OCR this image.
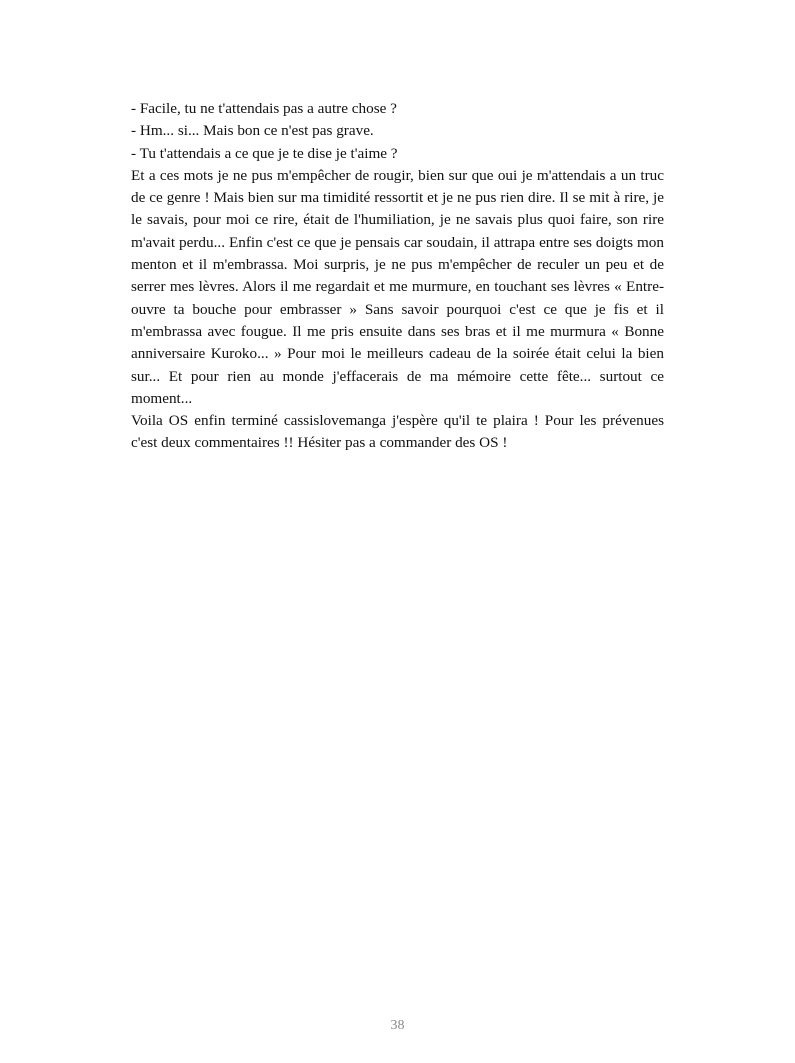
- Facile, tu ne t'attendais pas a autre chose ?
- Hm... si... Mais bon ce n'est pas grave.
- Tu t'attendais a ce que je te dise je t'aime ?

Et a ces mots je ne pus m'empêcher de rougir, bien sur que oui je m'attendais a un truc de ce genre ! Mais bien sur ma timidité ressortit et je ne pus rien dire. Il se mit à rire, je le savais, pour moi ce rire, était de l'humiliation, je ne savais plus quoi faire, son rire m'avait perdu... Enfin c'est ce que je pensais car soudain, il attrapa entre ses doigts mon menton et il m'embrassa. Moi surpris, je ne pus m'empêcher de reculer un peu et de serrer mes lèvres. Alors il me regardait et me murmure, en touchant ses lèvres « Entre-ouvre ta bouche pour embrasser » Sans savoir pourquoi c'est ce que je fis et il m'embrassa avec fougue. Il me pris ensuite dans ses bras et il me murmura « Bonne anniversaire Kuroko... » Pour moi le meilleurs cadeau de la soirée était celui la bien sur... Et pour rien au monde j'effacerais de ma mémoire cette fête... surtout ce moment...

Voila OS enfin terminé cassislovemanga j'espère qu'il te plaira ! Pour les prévenues c'est deux commentaires !! Hésiter pas a commander des OS !

38
